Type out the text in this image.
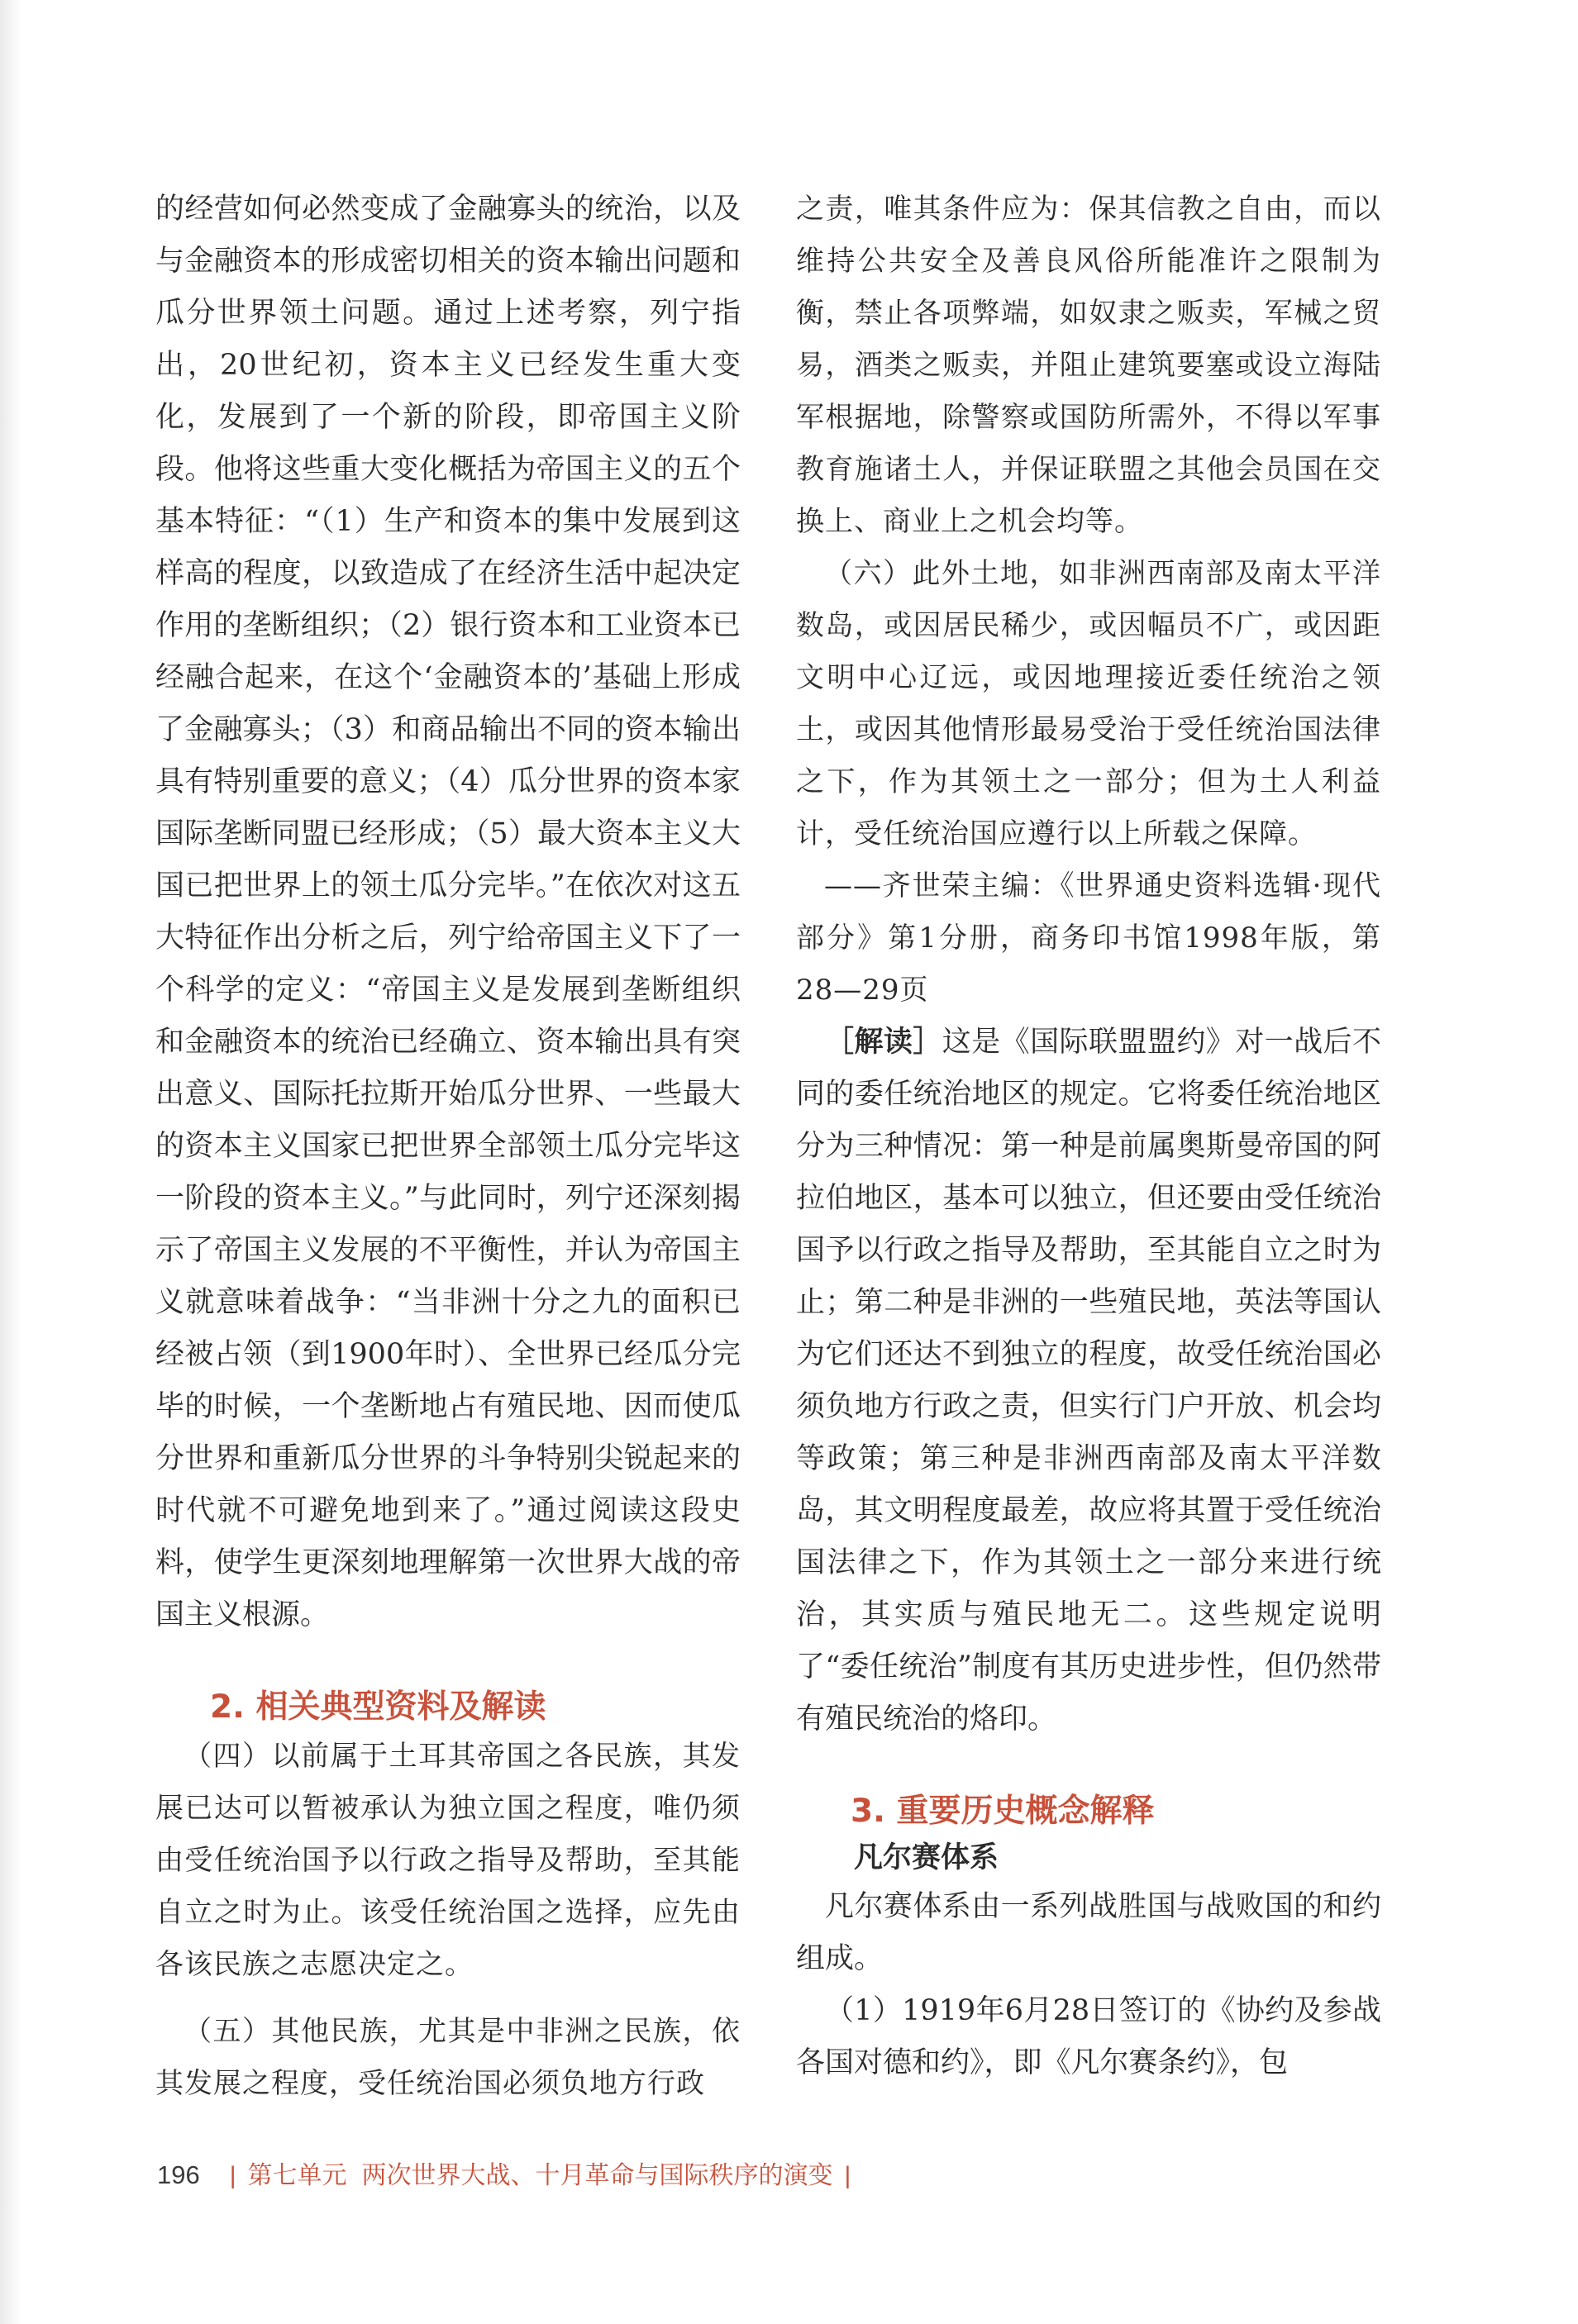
的经营如何必然变成了金融寡头的统治，以及与金融资本的形成密切相关的资本输出问题和瓜分世界领土问题。通过上述考察，列宁指出，20世纪初，资本主义已经发生重大变化，发展到了一个新的阶段，即帝国主义阶段。他将这些重大变化概括为帝国主义的五个基本特征：“（1）生产和资本的集中发展到这样高的程度，以致造成了在经济生活中起决定作用的垄断组织；（2）银行资本和工业资本已经融合起来，在这个‘金融资本的’基础上形成了金融寡头；（3）和商品输出不同的资本输出具有特别重要的意义；（4）瓜分世界的资本家国际垄断同盟已经形成；（5）最大资本主义大国已把世界上的领土瓜分完毕。”在依次对这五大特征作出分析之后，列宁给帝国主义下了一个科学的定义：“帝国主义是发展到垄断组织和金融资本的统治已经确立、资本输出具有突出意义、国际托拉斯开始瓜分世界、一些最大的资本主义国家已把世界全部领土瓜分完毕这一阶段的资本主义。”与此同时，列宁还深刻揭示了帝国主义发展的不平衡性，并认为帝国主义就意味着战争：“当非洲十分之九的面积已经被占领（到1900年时）、全世界已经瓜分完毕的时候，一个垄断地占有殖民地、因而使瓜分世界和重新瓜分世界的斗争特别尖锐起来的时代就不可避免地到来了。”通过阅读这段史料，使学生更深刻地理解第一次世界大战的帝国主义根源。

2. 相关典型资料及解读

（四）以前属于土耳其帝国之各民族，其发展已达可以暂被承认为独立国之程度，唯仍须由受任统治国予以行政之指导及帮助，至其能自立之时为止。该受任统治国之选择，应先由各该民族之志愿决定之。

（五）其他民族，尤其是中非洲之民族，依其发展之程度，受任统治国必须负地方行政

之责，唯其条件应为：保其信教之自由，而以维持公共安全及善良风俗所能准许之限制为衡，禁止各项弊端，如奴隶之贩卖，军械之贸易，酒类之贩卖，并阻止建筑要塞或设立海陆军根据地，除警察或国防所需外，不得以军事教育施诸土人，并保证联盟之其他会员国在交换上、商业上之机会均等。

（六）此外土地，如非洲西南部及南太平洋数岛，或因居民稀少，或因幅员不广，或因距文明中心辽远，或因地理接近委任统治之领土，或因其他情形最易受治于受任统治国法律之下，作为其领土之一部分；但为土人利益计，受任统治国应遵行以上所载之保障。

——齐世荣主编：《世界通史资料选辑·现代部分》第1分册，商务印书馆1998年版，第28—29页

［解读］这是《国际联盟盟约》对一战后不同的委任统治地区的规定。它将委任统治地区分为三种情况：第一种是前属奥斯曼帝国的阿拉伯地区，基本可以独立，但还要由受任统治国予以行政之指导及帮助，至其能自立之时为止；第二种是非洲的一些殖民地，英法等国认为它们还达不到独立的程度，故受任统治国必须负地方行政之责，但实行门户开放、机会均等政策；第三种是非洲西南部及南太平洋数岛，其文明程度最差，故应将其置于受任统治国法律之下，作为其领土之一部分来进行统治，其实质与殖民地无二。这些规定说明了“委任统治”制度有其历史进步性，但仍然带有殖民统治的烙印。

3. 重要历史概念解释
凡尔赛体系

凡尔赛体系由一系列战胜国与战败国的和约组成。

（1）1919年6月28日签订的《协约及参战各国对德和约》，即《凡尔赛条约》，包

196 | 第七单元 两次世界大战、十月革命与国际秩序的演变 |
